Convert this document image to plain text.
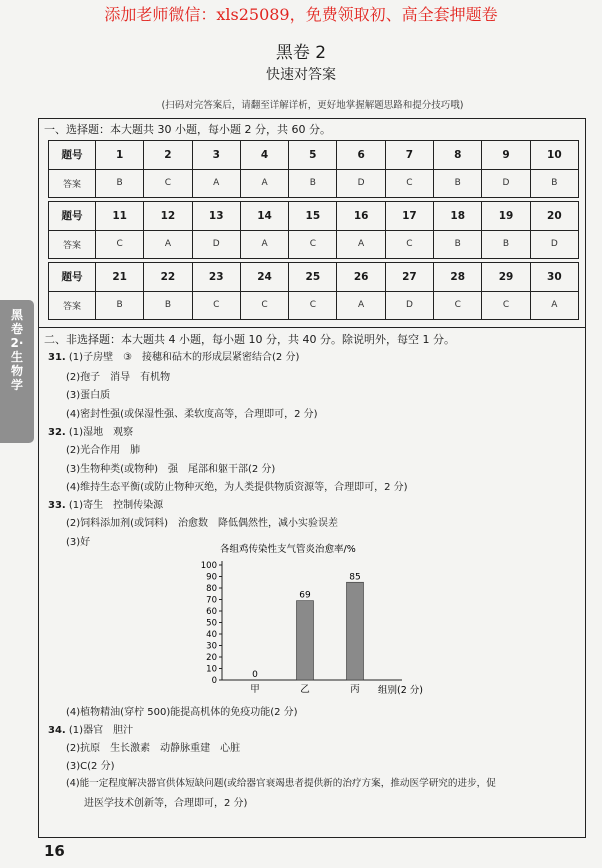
添加老师微信：xls25089，免费领取初、高全套押题卷
黑卷 2
快速对答案
(扫码对完答案后，请翻至详解详析，更好地掌握解题思路和提分技巧哦)
黑卷2·生物学
一、选择题：本大题共 30 小题，每小题 2 分，共 60 分。
题号	1	2	3	4	5	6	7	8	9	10
答案	B	C	A	A	B	D	C	B	D	B

题号	11	12	13	14	15	16	17	18	19	20
答案	C	A	D	A	C	A	C	B	B	D

题号	21	22	23	24	25	26	27	28	29	30
答案	B	B	C	C	C	A	D	C	C	A
二、非选择题：本大题共 4 小题，每小题 10 分，共 40 分。除说明外，每空 1 分。
31. (1)子房壁　③　接穗和砧木的形成层紧密结合(2 分)
(2)孢子　消导　有机物
(3)蛋白质
(4)密封性强(或保湿性强、柔软度高等，合理即可，2 分)
32. (1)湿地　观察
(2)光合作用　肺
(3)生物种类(或物种)　强　尾部和躯干部(2 分)
(4)维持生态平衡(或防止物种灭绝，为人类提供物质资源等，合理即可，2 分)
33. (1)寄生　控制传染源
(2)饲料添加剂(或饲料)　治愈数　降低偶然性，减小实验误差
(3)好
各组鸡传染性支气管炎治愈率/%
0
10
20
30
40
50
60
70
80
90
100
0
甲
69
乙
85
丙 组别(2 分)
(4)植物精油(穿柠 500)能提高机体的免疫功能(2 分)
34. (1)器官　胆汁
(2)抗原　生长激素　动静脉重建　心脏
(3)C(2 分)
(4)能一定程度解决器官供体短缺问题(或给器官衰竭患者提供新的治疗方案，推动医学研究的进步，促
进医学技术创新等，合理即可，2 分)
16
